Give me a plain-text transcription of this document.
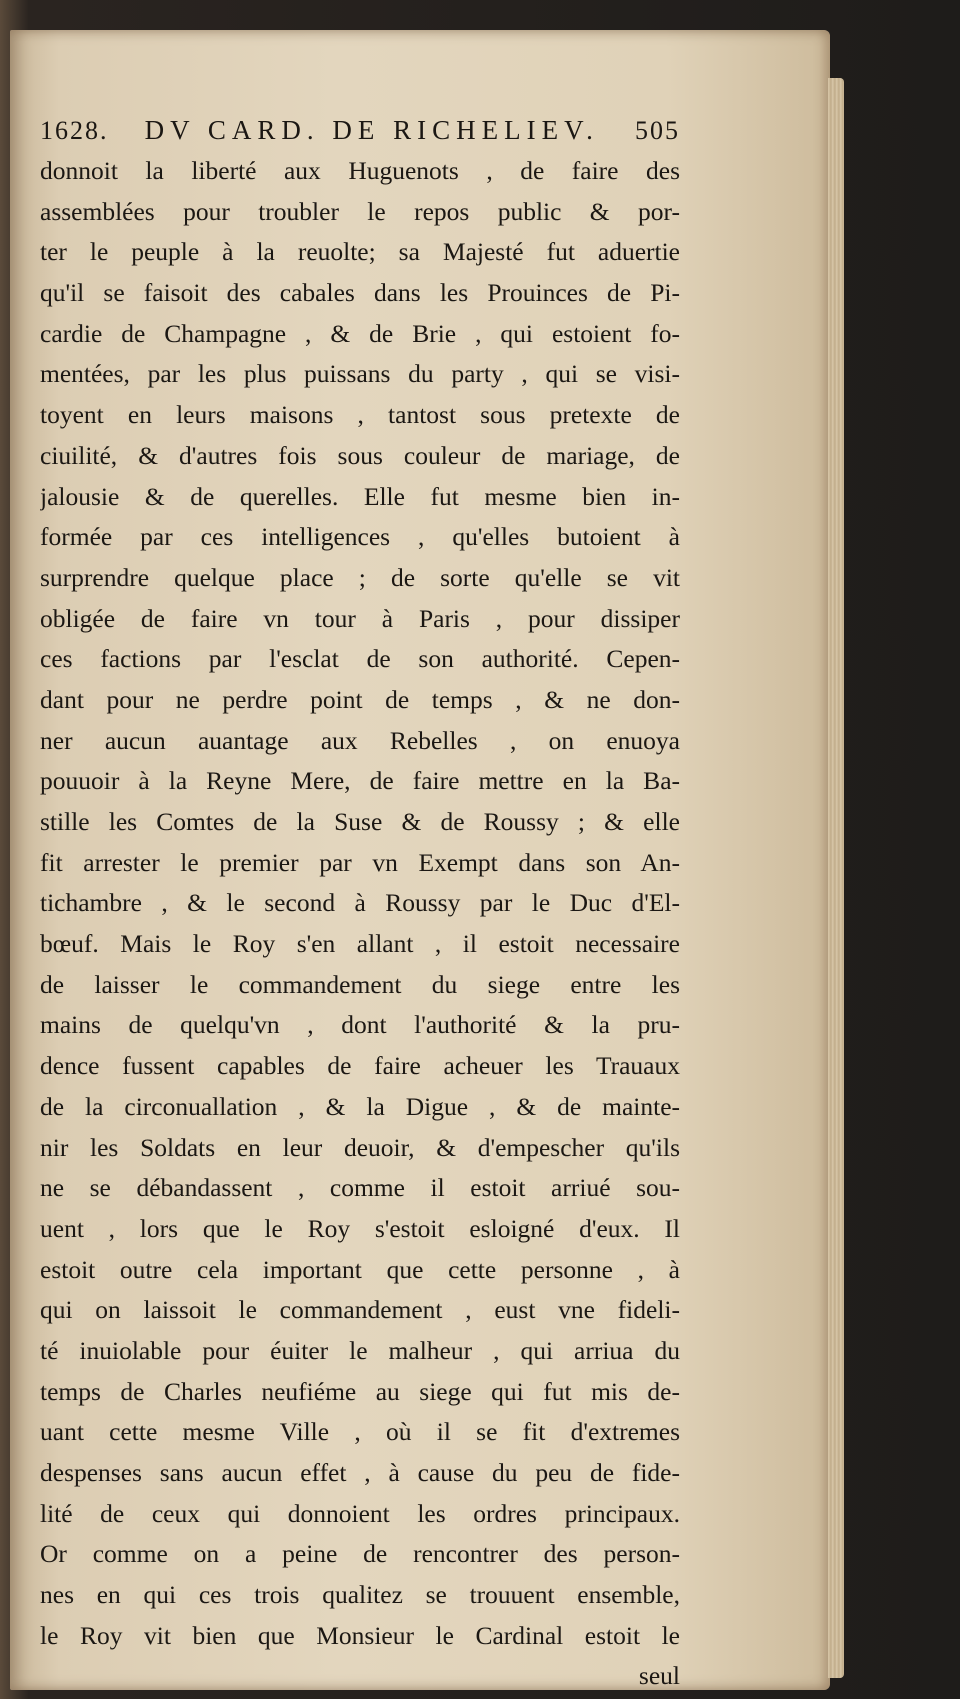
1628. DV CARD. DE RICHELIEV. 505
donnoit la liberté aux Huguenots , de faire des
assemblées pour troubler le repos public & por-
ter le peuple à la reuolte; sa Majesté fut aduertie
qu'il se faisoit des cabales dans les Prouinces de Pi-
cardie de Champagne , & de Brie , qui estoient fo-
mentées, par les plus puissans du party , qui se visi-
toyent en leurs maisons , tantost sous pretexte de
ciuilité, & d'autres fois sous couleur de mariage, de
jalousie & de querelles. Elle fut mesme bien in-
formée par ces intelligences , qu'elles butoient à
surprendre quelque place ; de sorte qu'elle se vit
obligée de faire vn tour à Paris , pour dissiper
ces factions par l'esclat de son authorité. Cepen-
dant pour ne perdre point de temps , & ne don-
ner aucun auantage aux Rebelles , on enuoya
pouuoir à la Reyne Mere, de faire mettre en la Ba-
stille les Comtes de la Suse & de Roussy ; & elle
fit arrester le premier par vn Exempt dans son An-
tichambre , & le second à Roussy par le Duc d'El-
bœuf. Mais le Roy s'en allant , il estoit necessaire
de laisser le commandement du siege entre les
mains de quelqu'vn , dont l'authorité & la pru-
dence fussent capables de faire acheuer les Trauaux
de la circonuallation , & la Digue , & de mainte-
nir les Soldats en leur deuoir, & d'empescher qu'ils
ne se débandassent , comme il estoit arriué sou-
uent , lors que le Roy s'estoit esloigné d'eux. Il
estoit outre cela important que cette personne , à
qui on laissoit le commandement , eust vne fideli-
té inuiolable pour éuiter le malheur , qui arriua du
temps de Charles neufiéme au siege qui fut mis de-
uant cette mesme Ville , où il se fit d'extremes
despenses sans aucun effet , à cause du peu de fide-
lité de ceux qui donnoient les ordres principaux.
Or comme on a peine de rencontrer des person-
nes en qui ces trois qualitez se trouuent ensemble,
le Roy vit bien que Monsieur le Cardinal estoit le
seul
